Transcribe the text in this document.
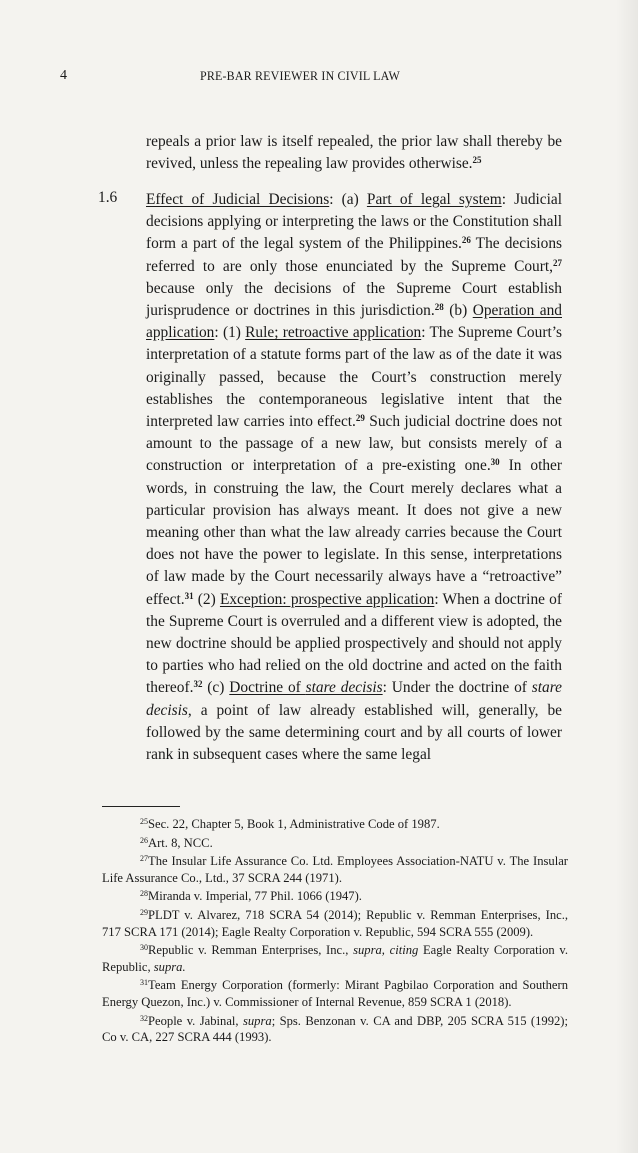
4	PRE-BAR REVIEWER IN CIVIL LAW
repeals a prior law is itself repealed, the prior law shall thereby be revived, unless the repealing law provides otherwise.$^{25}$
1.6 Effect of Judicial Decisions: (a) Part of legal system: Judicial decisions applying or interpreting the laws or the Constitution shall form a part of the legal system of the Philippines.$^{26}$ The decisions referred to are only those enunciated by the Supreme Court,$^{27}$ because only the decisions of the Supreme Court establish jurisprudence or doctrines in this jurisdiction.$^{28}$ (b) Operation and application: (1) Rule; retroactive application: The Supreme Court’s interpretation of a statute forms part of the law as of the date it was originally passed, because the Court’s construction merely establishes the contemporaneous legislative intent that the interpreted law carries into effect.$^{29}$ Such judicial doctrine does not amount to the passage of a new law, but consists merely of a construction or interpretation of a pre-existing one.$^{30}$ In other words, in construing the law, the Court merely declares what a particular provision has always meant. It does not give a new meaning other than what the law already carries because the Court does not have the power to legislate. In this sense, interpretations of law made by the Court necessarily always have a “retroactive” effect.$^{31}$ (2) Exception: prospective application: When a doctrine of the Supreme Court is overruled and a different view is adopted, the new doctrine should be applied prospectively and should not apply to parties who had relied on the old doctrine and acted on the faith thereof.$^{32}$ (c) Doctrine of stare decisis: Under the doctrine of stare decisis, a point of law already established will, generally, be followed by the same determining court and by all courts of lower rank in subsequent cases where the same legal

$^{25}$Sec. 22, Chapter 5, Book 1, Administrative Code of 1987.

$^{26}$Art. 8, NCC.

$^{27}$The Insular Life Assurance Co. Ltd. Employees Association-NATU v. The Insular Life Assurance Co., Ltd., 37 SCRA 244 (1971).

$^{28}$Miranda v. Imperial, 77 Phil. 1066 (1947).

$^{29}$PLDT v. Alvarez, 718 SCRA 54 (2014); Republic v. Remman Enterprises, Inc., 717 SCRA 171 (2014); Eagle Realty Corporation v. Republic, 594 SCRA 555 (2009).

$^{30}$Republic v. Remman Enterprises, Inc., supra, citing Eagle Realty Corporation v. Republic, supra.

$^{31}$Team Energy Corporation (formerly: Mirant Pagbilao Corporation and Southern Energy Quezon, Inc.) v. Commissioner of Internal Revenue, 859 SCRA 1 (2018).

$^{32}$People v. Jabinal, supra; Sps. Benzonan v. CA and DBP, 205 SCRA 515 (1992); Co v. CA, 227 SCRA 444 (1993).
